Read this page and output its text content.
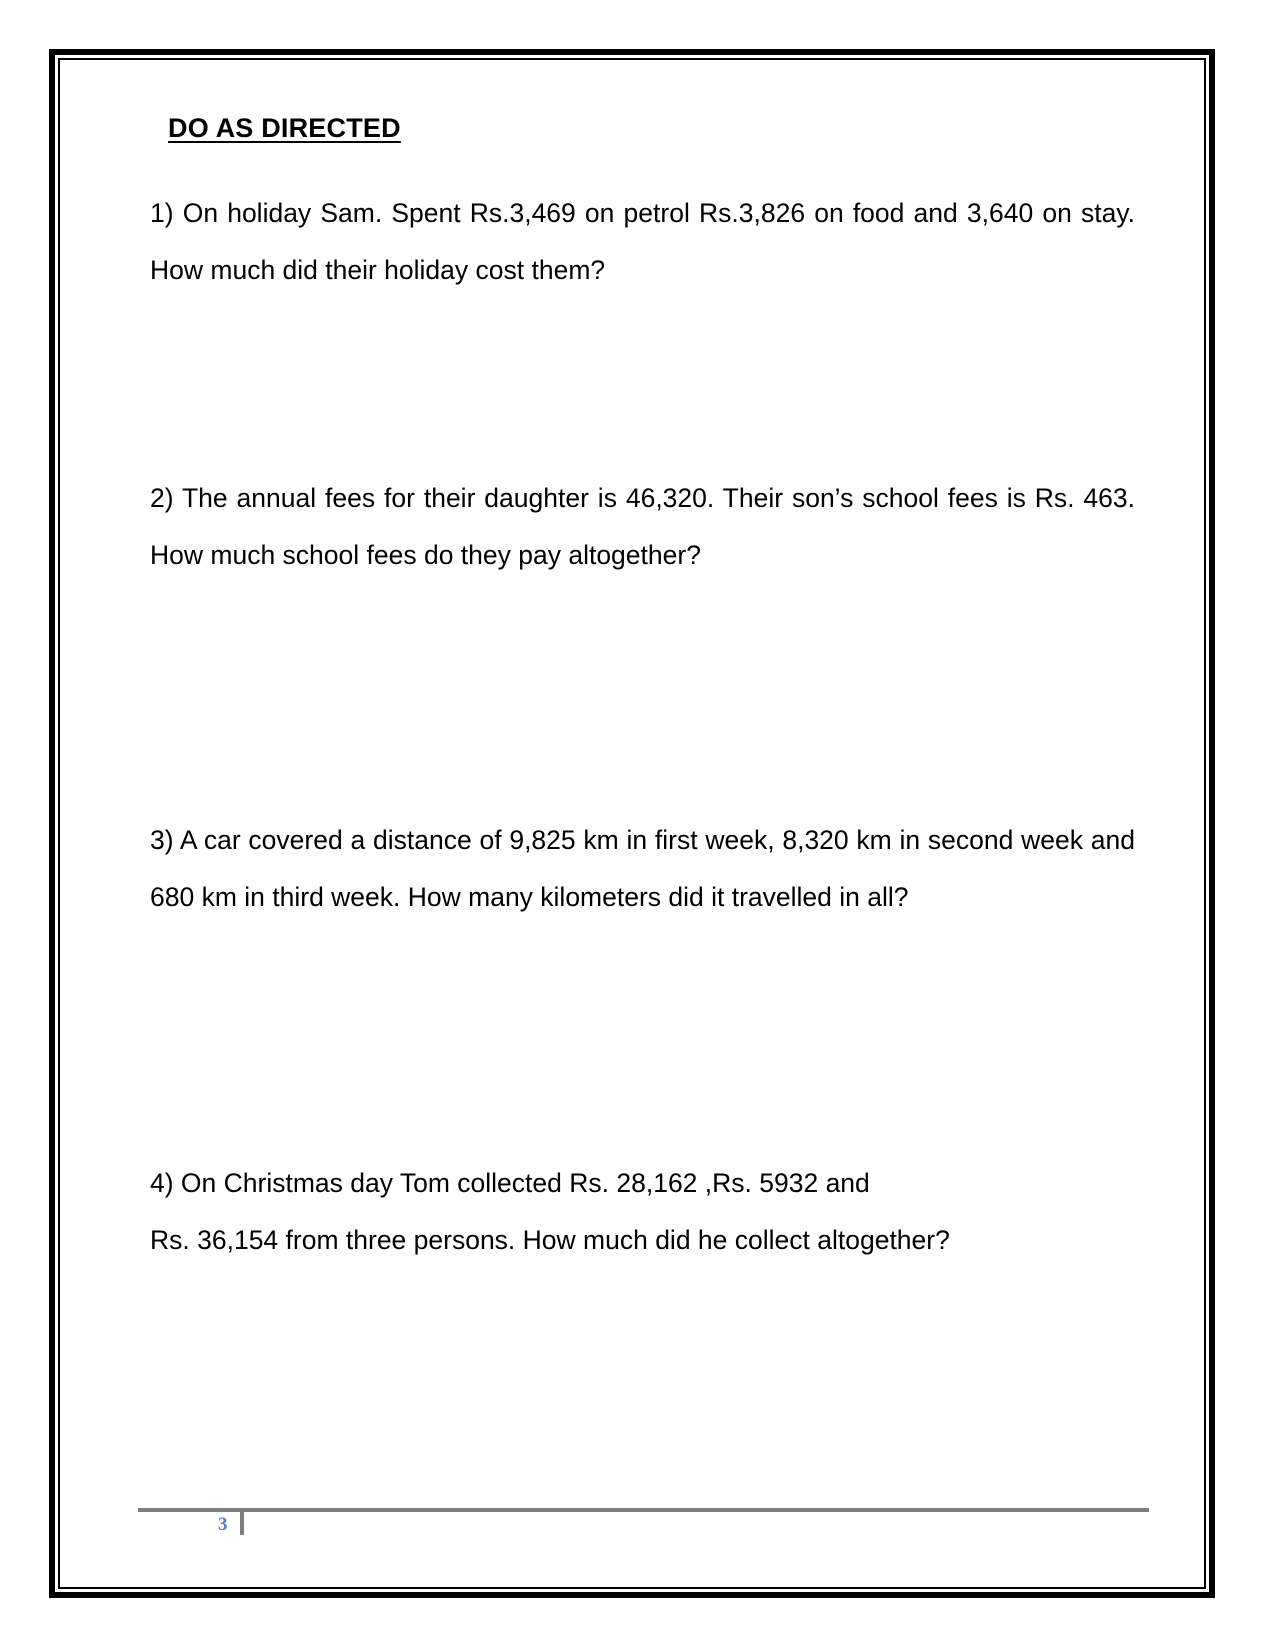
DO AS DIRECTED
1) On holiday Sam. Spent Rs.3,469 on petrol Rs.3,826 on food and 3,640 on stay. How much did their holiday cost them?
2) The annual fees for their daughter is 46,320. Their son’s school fees is Rs. 463. How much school fees do they pay altogether?
3) A car covered a distance of 9,825 km in first week, 8,320 km in second week and 680 km in third week. How many kilometers did it travelled in all?
4) On Christmas day Tom collected Rs. 28,162 ,Rs. 5932 and
Rs. 36,154 from three persons. How much did he collect altogether?
3
